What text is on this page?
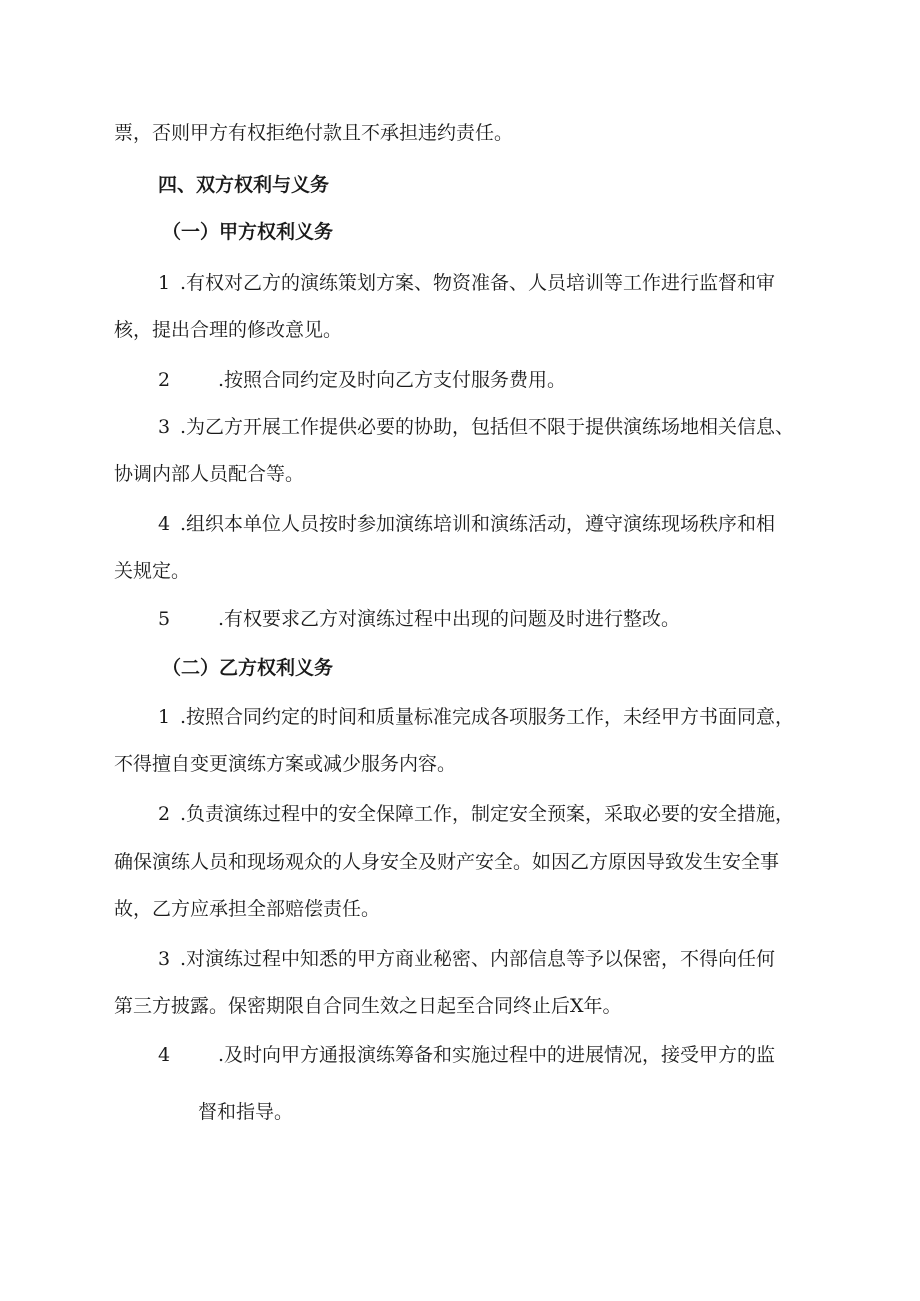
票，否则甲方有权拒绝付款且不承担违约责任。
四、双方权利与义务
（一）甲方权利义务
1 .有权对乙方的演练策划方案、物资准备、人员培训等工作进行监督和审
核，提出合理的修改意见。
2	.按照合同约定及时向乙方支付服务费用。
3 .为乙方开展工作提供必要的协助，包括但不限于提供演练场地相关信息、
协调内部人员配合等。
4 .组织本单位人员按时参加演练培训和演练活动，遵守演练现场秩序和相
关规定。
5	.有权要求乙方对演练过程中出现的问题及时进行整改。
（二）乙方权利义务
1 .按照合同约定的时间和质量标准完成各项服务工作，未经甲方书面同意，
不得擅自变更演练方案或减少服务内容。
2 .负责演练过程中的安全保障工作，制定安全预案，采取必要的安全措施，
确保演练人员和现场观众的人身安全及财产安全。如因乙方原因导致发生安全事
故，乙方应承担全部赔偿责任。
3 .对演练过程中知悉的甲方商业秘密、内部信息等予以保密，不得向任何
第三方披露。保密期限自合同生效之日起至合同终止后X年。
4	.及时向甲方通报演练筹备和实施过程中的进展情况，接受甲方的监
督和指导。
